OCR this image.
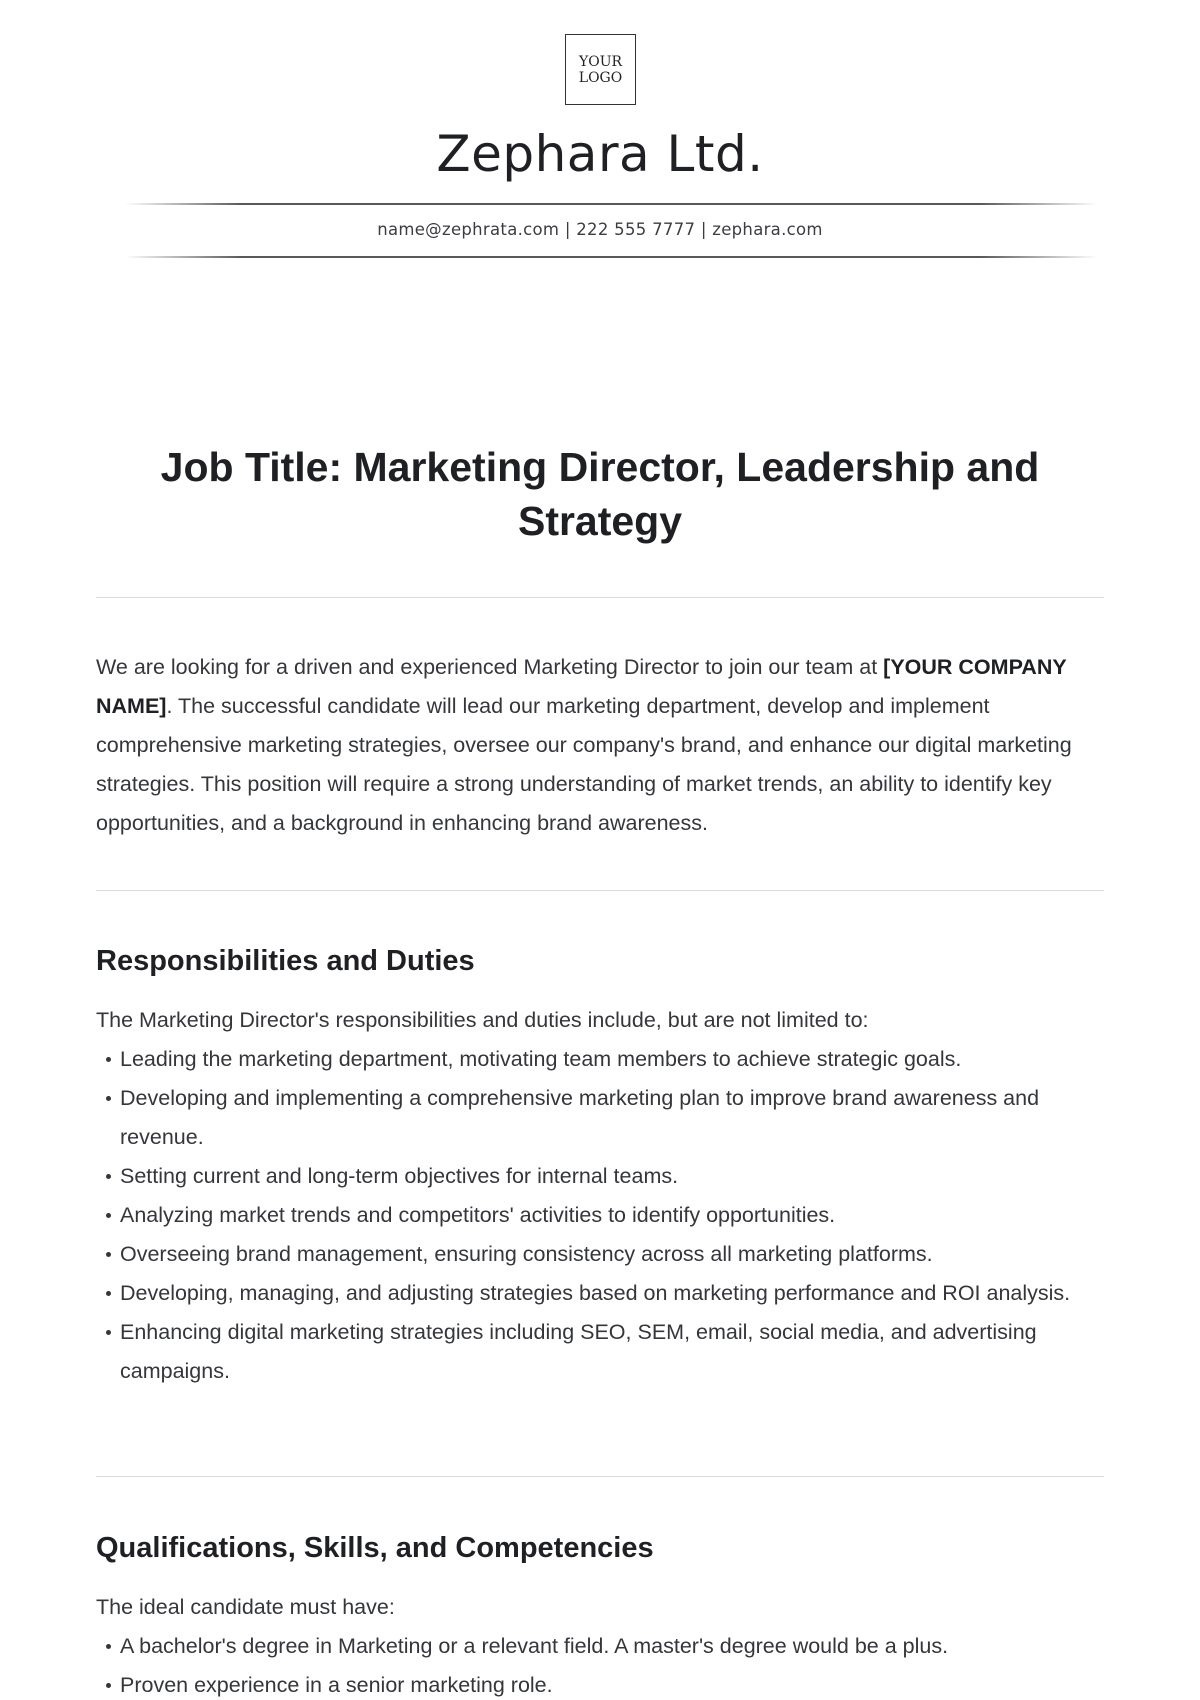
YOUR
LOGO
Zephara Ltd.
name@zephrata.com | 222 555 7777 | zephara.com
Job Title: Marketing Director, Leadership and Strategy

We are looking for a driven and experienced Marketing Director to join our team at [YOUR COMPANY NAME]. The successful candidate will lead our marketing department, develop and implement comprehensive marketing strategies, oversee our company's brand, and enhance our digital marketing strategies. This position will require a strong understanding of market trends, an ability to identify key opportunities, and a background in enhancing brand awareness.

Responsibilities and Duties

The Marketing Director's responsibilities and duties include, but are not limited to:

Leading the marketing department, motivating team members to achieve strategic goals.
Developing and implementing a comprehensive marketing plan to improve brand awareness and revenue.
Setting current and long-term objectives for internal teams.
Analyzing market trends and competitors' activities to identify opportunities.
Overseeing brand management, ensuring consistency across all marketing platforms.
Developing, managing, and adjusting strategies based on marketing performance and ROI analysis.
Enhancing digital marketing strategies including SEO, SEM, email, social media, and advertising campaigns.
Qualifications, Skills, and Competencies

The ideal candidate must have:

A bachelor's degree in Marketing or a relevant field. A master's degree would be a plus.
Proven experience in a senior marketing role.
